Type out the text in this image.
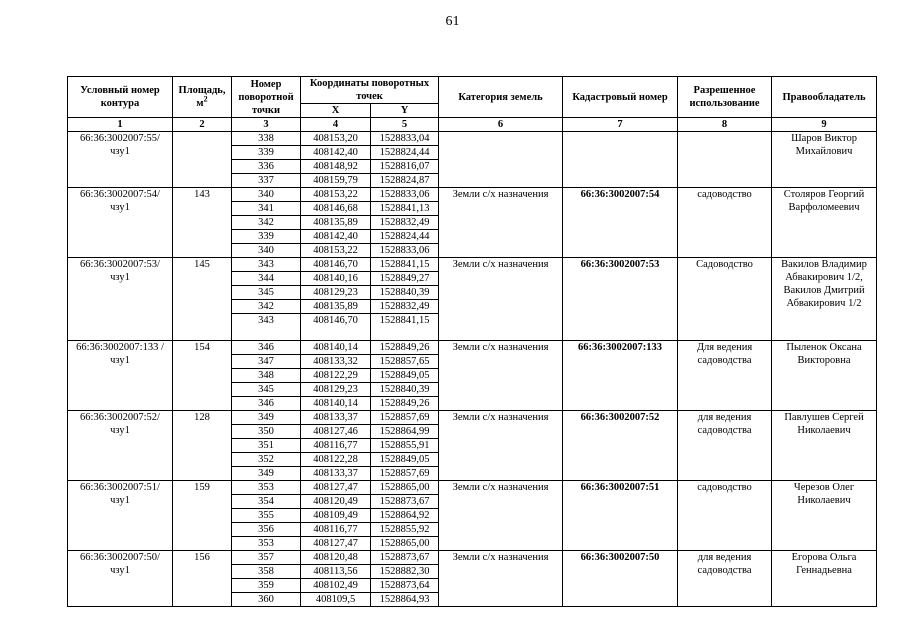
61
Условный номер контура	Площадь, $м^2$	Номер поворотной точки	Координаты поворотных точек		Категория земель	Кадастровый номер	Разрешенное использование	Правообладатель
			X	Y				
1	2	3	4	5	6	7	8	9
66:36:3002007:55/ чзу1		338	408153,20	1528833,04				Шаров Виктор Михайлович
		339	408142,40	1528824,44				
		336	408148,92	1528816,07				
		337	408159,79	1528824,87				
66:36:3002007:54/ чзу1	143	340	408153,22	1528833,06	Земли с/х назначения	66:36:3002007:54	садоводство	Столяров Георгий Варфоломеевич
		341	408146,68	1528841,13				
		342	408135,89	1528832,49				
		339	408142,40	1528824,44				
		340	408153,22	1528833,06				
66:36:3002007:53/ чзу1	145	343	408146,70	1528841,15	Земли с/х назначения	66:36:3002007:53	Садоводство	Вакилов Владимир Абвакирович 1/2, Вакилов Дмитрий Абвакирович 1/2
		344	408140,16	1528849,27				
		345	408129,23	1528840,39				
		342	408135,89	1528832,49				
		343	408146,70	1528841,15				
66:36:3002007:133 /чзу1	154	346	408140,14	1528849,26	Земли с/х назначения	66:36:3002007:133	Для ведения садоводства	Пыленок Оксана Викторовна
		347	408133,32	1528857,65				
		348	408122,29	1528849,05				
		345	408129,23	1528840,39				
		346	408140,14	1528849,26				
66:36:3002007:52/ чзу1	128	349	408133,37	1528857,69	Земли с/х назначения	66:36:3002007:52	для ведения садоводства	Павлушев Сергей Николаевич
		350	408127,46	1528864,99				
		351	408116,77	1528855,91				
		352	408122,28	1528849,05				
		349	408133,37	1528857,69				
66:36:3002007:51/ чзу1	159	353	408127,47	1528865,00	Земли с/х назначения	66:36:3002007:51	садоводство	Черезов Олег Николаевич
		354	408120,49	1528873,67				
		355	408109,49	1528864,92				
		356	408116,77	1528855,92				
		353	408127,47	1528865,00				
66:36:3002007:50/ чзу1	156	357	408120,48	1528873,67	Земли с/х назначения	66:36:3002007:50	для ведения садоводства	Егорова Ольга Геннадьевна
		358	408113,56	1528882,30				
		359	408102,49	1528873,64				
		360	408109,5	1528864,93				
